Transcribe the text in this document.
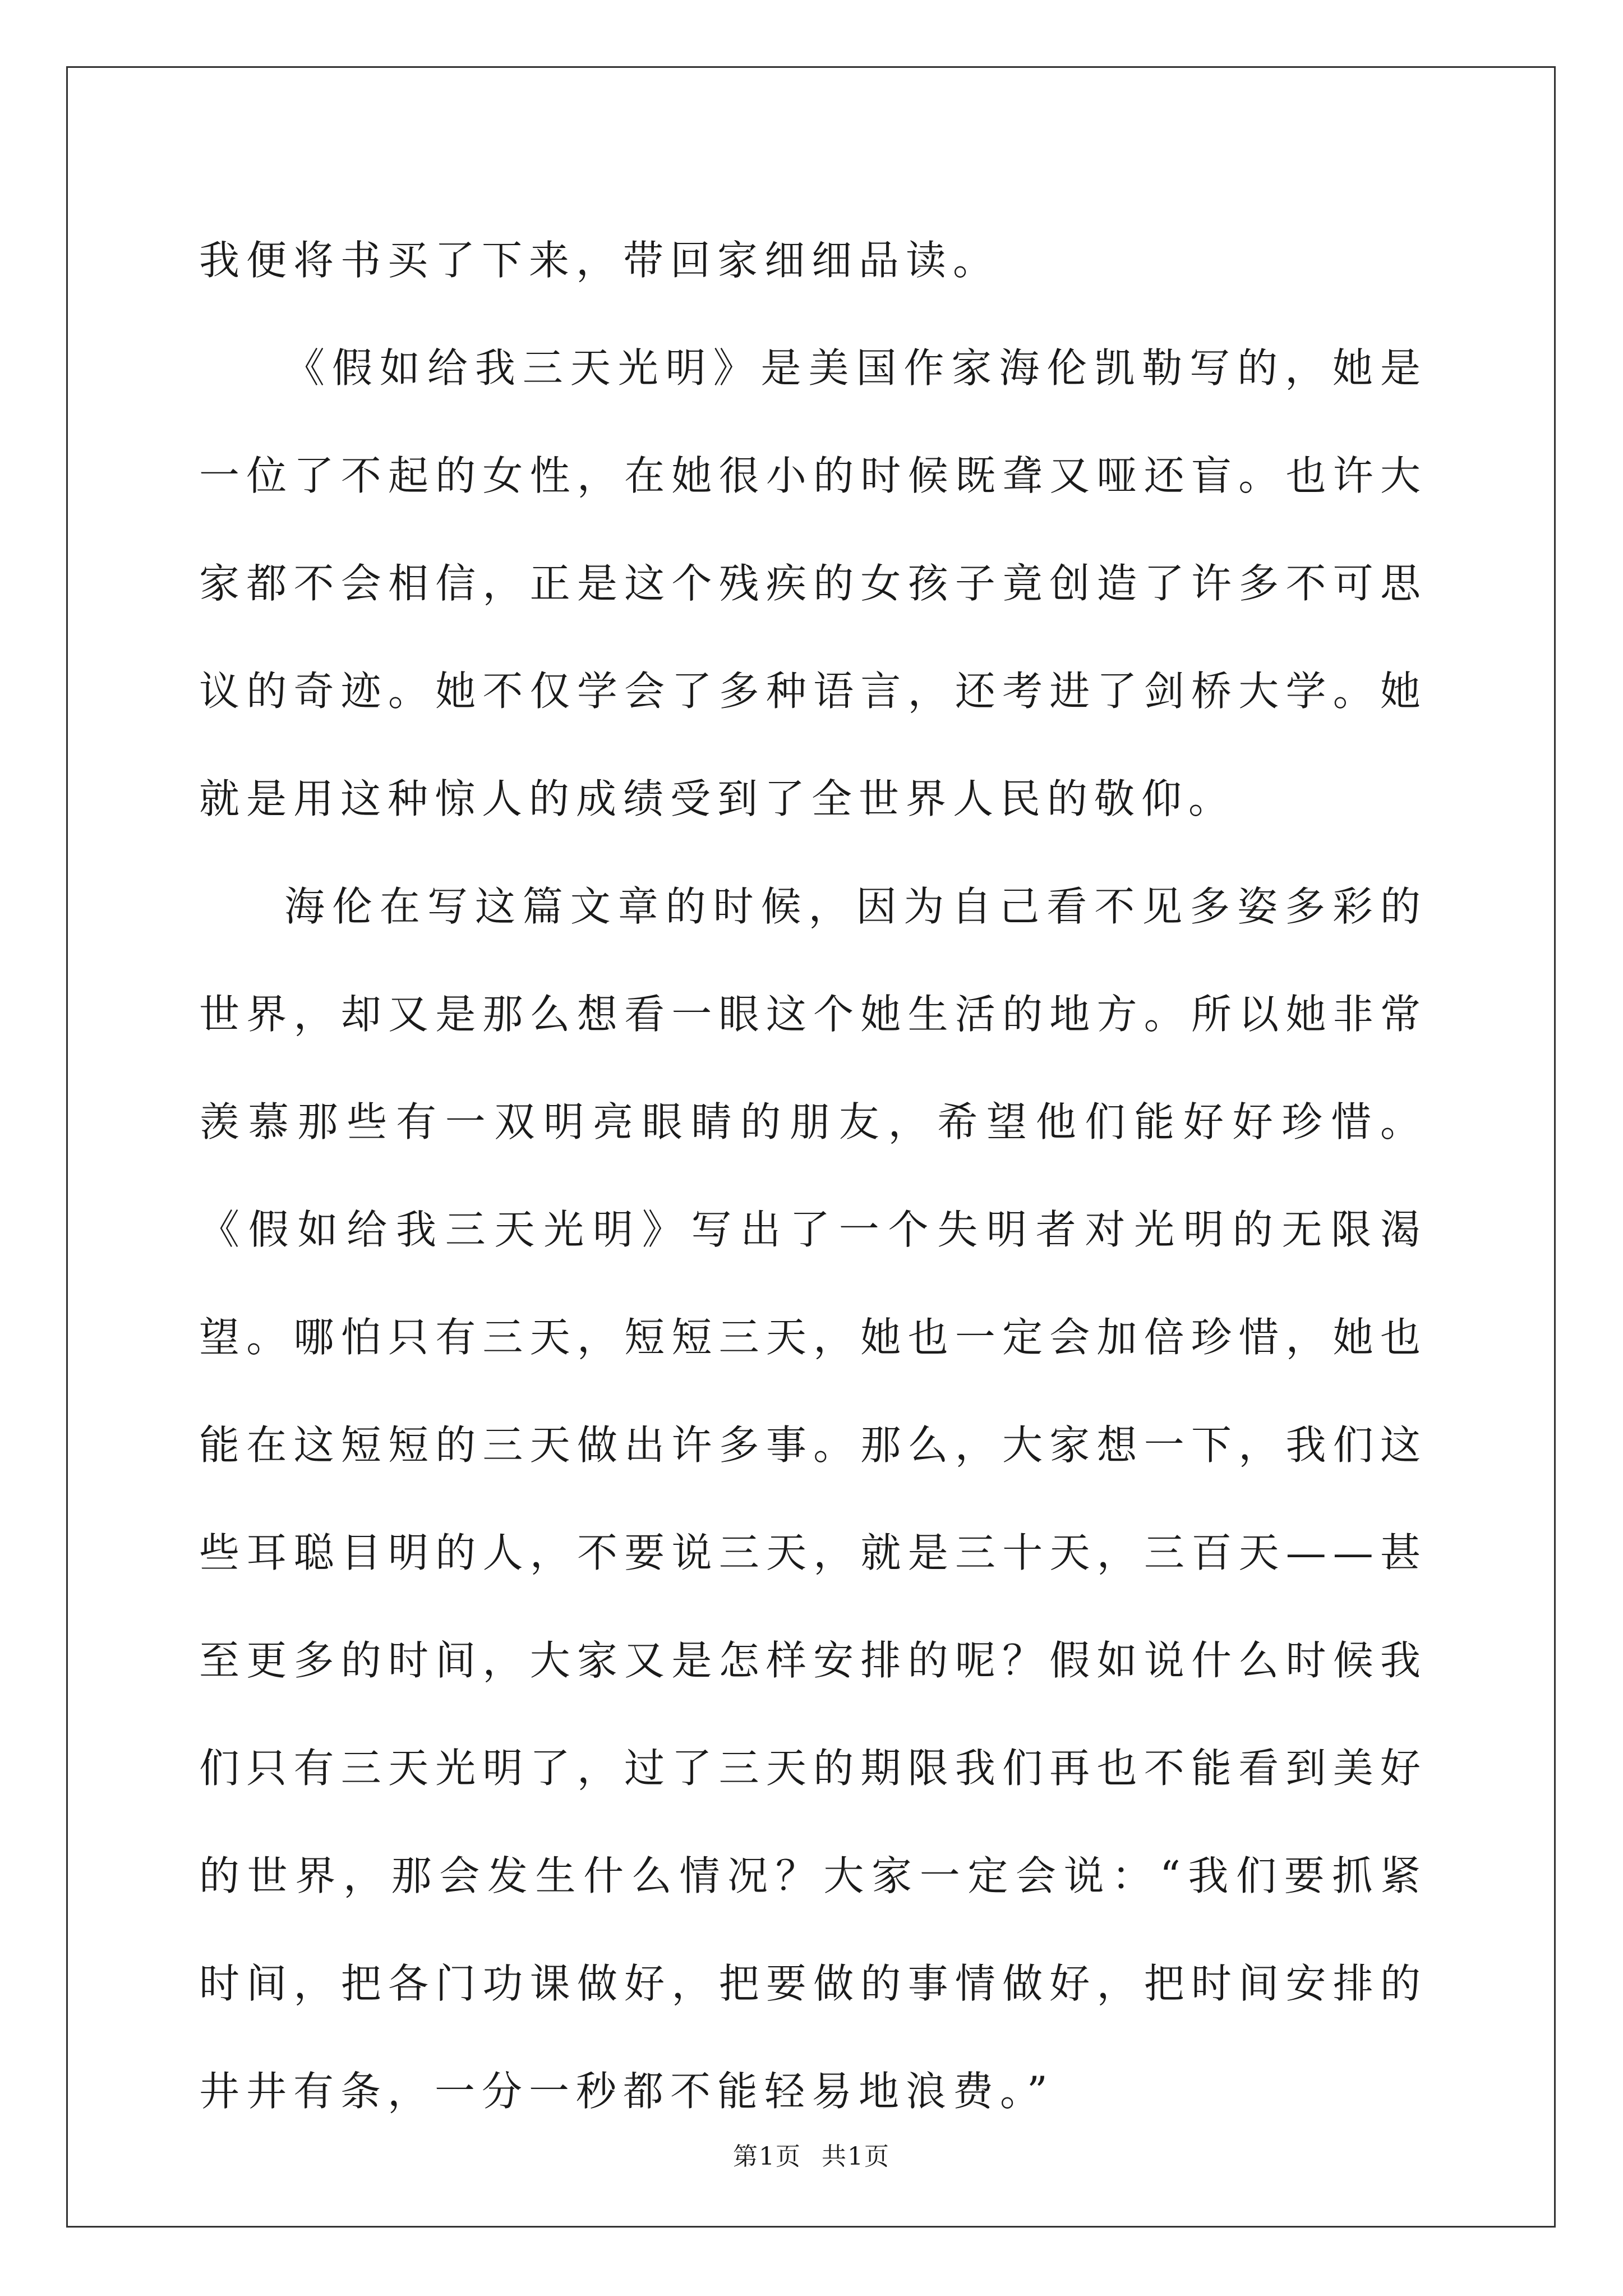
我便将书买了下来，带回家细细品读。

《假如给我三天光明》是美国作家海伦凯勒写的，她是一位了不起的女性，在她很小的时候既聋又哑还盲。也许大家都不会相信，正是这个残疾的女孩子竟创造了许多不可思议的奇迹。她不仅学会了多种语言，还考进了剑桥大学。她就是用这种惊人的成绩受到了全世界人民的敬仰。

海伦在写这篇文章的时候，因为自己看不见多姿多彩的世界，却又是那么想看一眼这个她生活的地方。所以她非常羡慕那些有一双明亮眼睛的朋友，希望他们能好好珍惜。《假如给我三天光明》写出了一个失明者对光明的无限渴望。哪怕只有三天，短短三天，她也一定会加倍珍惜，她也能在这短短的三天做出许多事。那么，大家想一下，我们这些耳聪目明的人，不要说三天，就是三十天，三百天——甚至更多的时间，大家又是怎样安排的呢？假如说什么时候我们只有三天光明了，过了三天的期限我们再也不能看到美好的世界，那会发生什么情况？大家一定会说：“我们要抓紧时间，把各门功课做好，把要做的事情做好，把时间安排的井井有条，一分一秒都不能轻易地浪费。”

第1页 共1页
